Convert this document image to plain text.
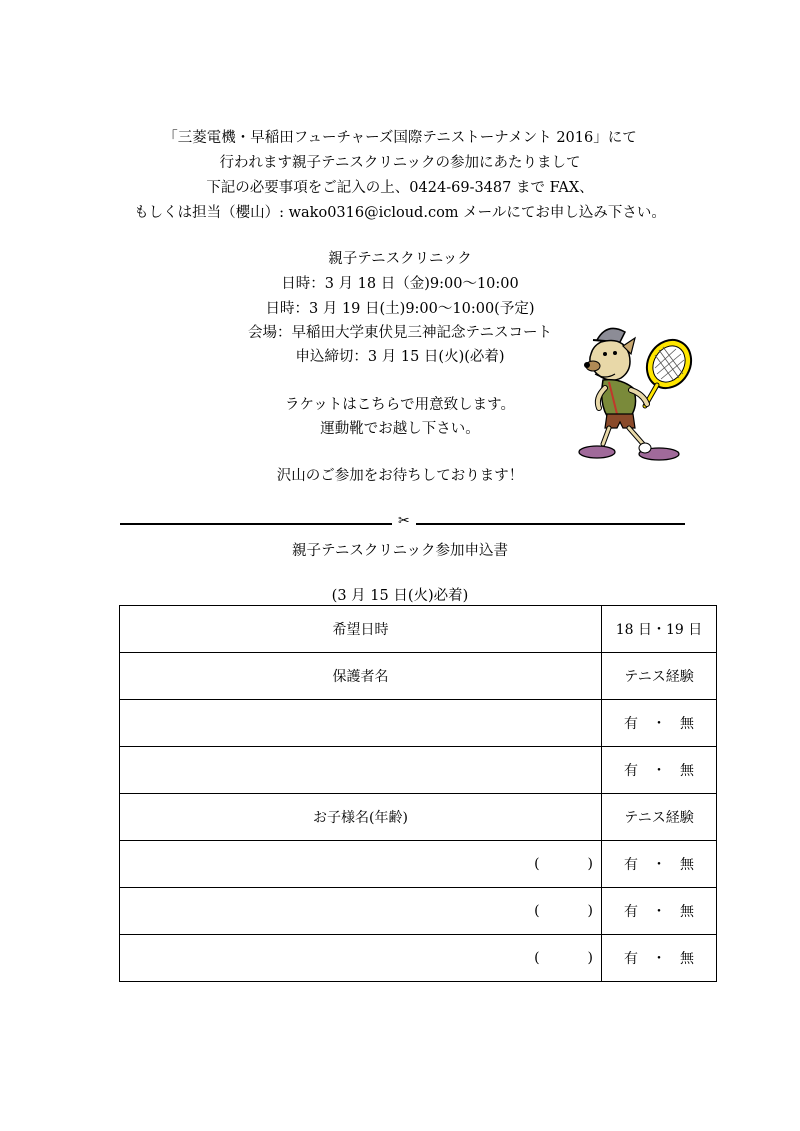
「三菱電機・早稲田フューチャーズ国際テニストーナメント 2016」にて
行われます親子テニスクリニックの参加にあたりまして
下記の必要事項をご記入の上、0424-69-3487 まで FAX、
もしくは担当（櫻山）: wako0316@icloud.com メールにてお申し込み下さい。
親子テニスクリニック
日時：3 月 18 日（金)9:00〜10:00
日時：3 月 19 日(土)9:00〜10:00(予定)
会場：早稲田大学東伏見三神記念テニスコート
申込締切：3 月 15 日(火)(必着)
ラケットはこちらで用意致します。
運動靴でお越し下さい。
沢山のご参加をお待ちしております！
✂
親子テニスクリニック参加申込書
(3 月 15 日(火)必着)
希望日時	18 日・19 日
保護者名	テニス経験
	有　・　無
	有　・　無
お子様名(年齢)	テニス経験

( )	有　・　無

( )	有　・　無

( )	有　・　無
